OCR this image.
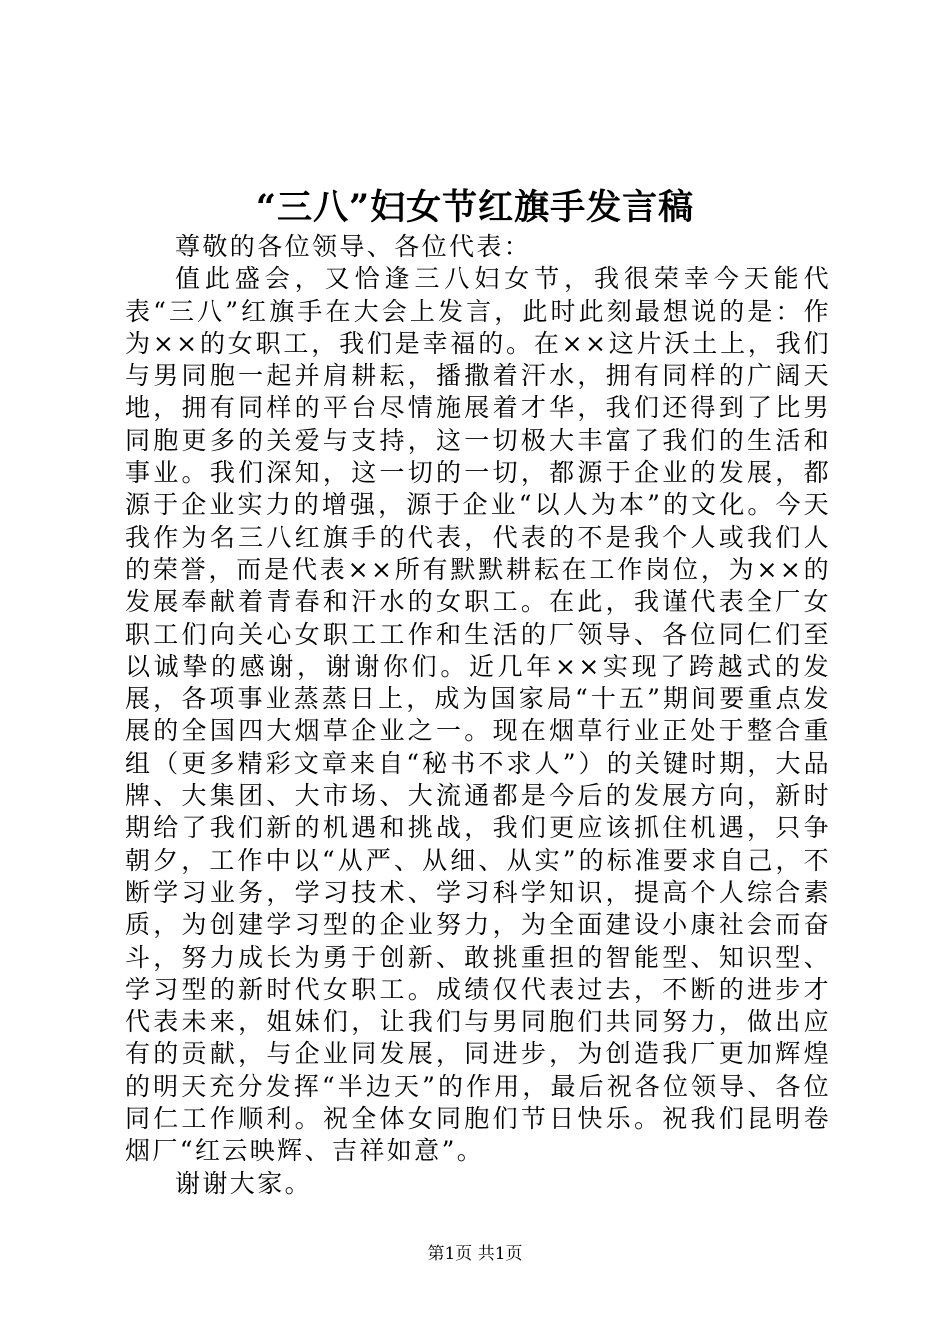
“三八”妇女节红旗手发言稿

尊敬的各位领导、各位代表：

值此盛会，又恰逢三八妇女节，我很荣幸今天能代表“三八”红旗手在大会上发言，此时此刻最想说的是：作为××的女职工，我们是幸福的。在××这片沃土上，我们与男同胞一起并肩耕耘，播撒着汗水，拥有同样的广阔天地，拥有同样的平台尽情施展着才华，我们还得到了比男同胞更多的关爱与支持，这一切极大丰富了我们的生活和事业。我们深知，这一切的一切，都源于企业的发展，都源于企业实力的增强，源于企业“以人为本”的文化。今天我作为名三八红旗手的代表，代表的不是我个人或我们人的荣誉，而是代表××所有默默耕耘在工作岗位，为××的发展奉献着青春和汗水的女职工。在此，我谨代表全厂女职工们向关心女职工工作和生活的厂领导、各位同仁们至以诚挚的感谢，谢谢你们。近几年××实现了跨越式的发展，各项事业蒸蒸日上，成为国家局“十五”期间要重点发展的全国四大烟草企业之一。现在烟草行业正处于整合重组（更多精彩文章来自“秘书不求人”）的关键时期，大品牌、大集团、大市场、大流通都是今后的发展方向，新时期给了我们新的机遇和挑战，我们更应该抓住机遇，只争朝夕，工作中以“从严、从细、从实”的标准要求自己，不断学习业务，学习技术、学习科学知识，提高个人综合素质，为创建学习型的企业努力，为全面建设小康社会而奋斗，努力成长为勇于创新、敢挑重担的智能型、知识型、学习型的新时代女职工。成绩仅代表过去，不断的进步才代表未来，姐妹们，让我们与男同胞们共同努力，做出应有的贡献，与企业同发展，同进步，为创造我厂更加辉煌的明天充分发挥“半边天”的作用，最后祝各位领导、各位同仁工作顺利。祝全体女同胞们节日快乐。祝我们昆明卷烟厂“红云映辉、吉祥如意”。

谢谢大家。

第1页 共1页
